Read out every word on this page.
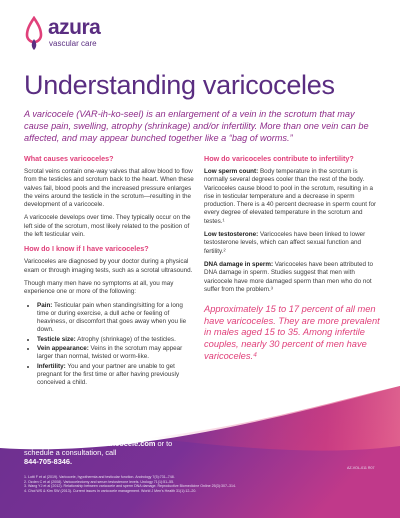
azura
vascular care
Understanding varicoceles

A varicocele (VAR-ih-ko-seel) is an enlargement of a vein in the scrotum that may cause pain, swelling, atrophy (shrinkage) and/or infertility. More than one vein can be affected, and may appear bunched together like a “bag of worms.”

What causes varicoceles?

Scrotal veins contain one-way valves that allow blood to flow from the testicles and scrotum back to the heart. When these valves fail, blood pools and the increased pressure enlarges the veins around the testicle in the scrotum—resulting in the development of a varicocele.

A varicocele develops over time. They typically occur on the left side of the scrotum, most likely related to the position of the left testicular vein.

How do I know if I have varicoceles?

Varicoceles are diagnosed by your doctor during a physical exam or through imaging tests, such as a scrotal ultrasound.

Though many men have no symptoms at all, you may experience one or more of the following:

• Pain: Testicular pain when standing/sitting for a long time or during exercise, a dull ache or feeling of heaviness, or discomfort that goes away when you lie down.
• Testicle size: Atrophy (shrinkage) of the testicles.
• Vein appearance: Veins in the scrotum may appear larger than normal, twisted or worm-like.
• Infertility: You and your partner are unable to get pregnant for the first time or after having previously conceived a child.
How do varicoceles contribute to infertility?

Low sperm count: Body temperature in the scrotum is normally several degrees cooler than the rest of the body. Varicoceles cause blood to pool in the scrotum, resulting in a rise in testicular temperature and a decrease in sperm production. There is a 40 percent decrease in sperm count for every degree of elevated temperature in the scrotum and testes.¹

Low testosterone: Varicoceles have been linked to lower testosterone levels, which can affect sexual function and fertility.²

DNA damage in sperm: Varicoceles have been attributed to DNA damage in sperm. Studies suggest that men with varicocele have more damaged sperm than men who do not suffer from the problem.³

Approximately 15 to 17 percent of all men have varicoceles. They are more prevalent in males aged 15 to 35. Among infertile couples, nearly 30 percent of men have varicoceles.⁴

To learn more, visit infoVaricocele.com or to schedule a consultation, call
844-705-8346.
AZ-VOL-011 R07
1. Lotti F et al (2019). Varicocele, hypothermia and testicular function. Andrology 7(5):731–748.
2. Ozden C et al (2008). Varicocelectomy and serum testosterone levels. Urology 71(1):51–55.
3. Wang YJ et al (2012). Relationship between varicocele and sperm DNA damage. Reproductive Biomedicine Online 25(3):307–314.
4. Choi WS & Kim SW (2013). Current issues in varicocele management. World J Men's Health 31(1):12–20.
